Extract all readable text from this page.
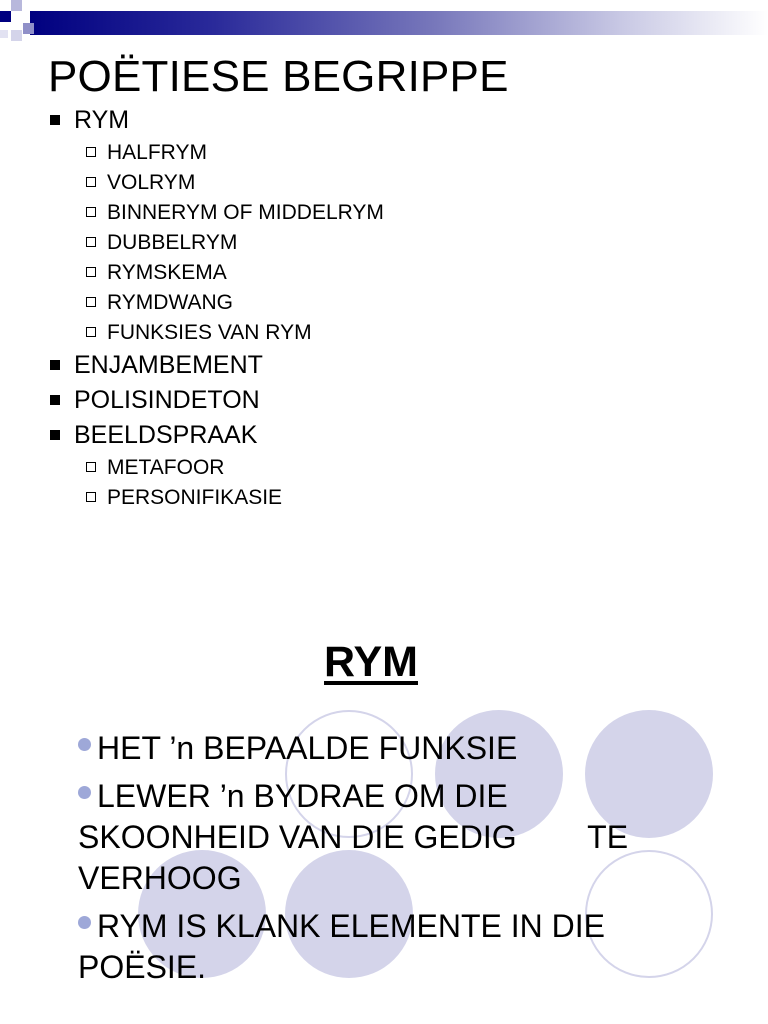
POËTIESE BEGRIPPE
RYM
HALFRYM
VOLRYM
BINNERYM OF MIDDELRYM
DUBBELRYM
RYMSKEMA
RYMDWANG
FUNKSIES VAN RYM
ENJAMBEMENT
POLISINDETON
BEELDSPRAAK
METAFOOR
PERSONIFIKASIE
RYM
HET ’n BEPAALDE FUNKSIE
LEWER ’n BYDRAE OM DIE SKOONHEID VAN DIE GEDIG        TE VERHOOG
RYM IS KLANK ELEMENTE IN DIE POËSIE.
